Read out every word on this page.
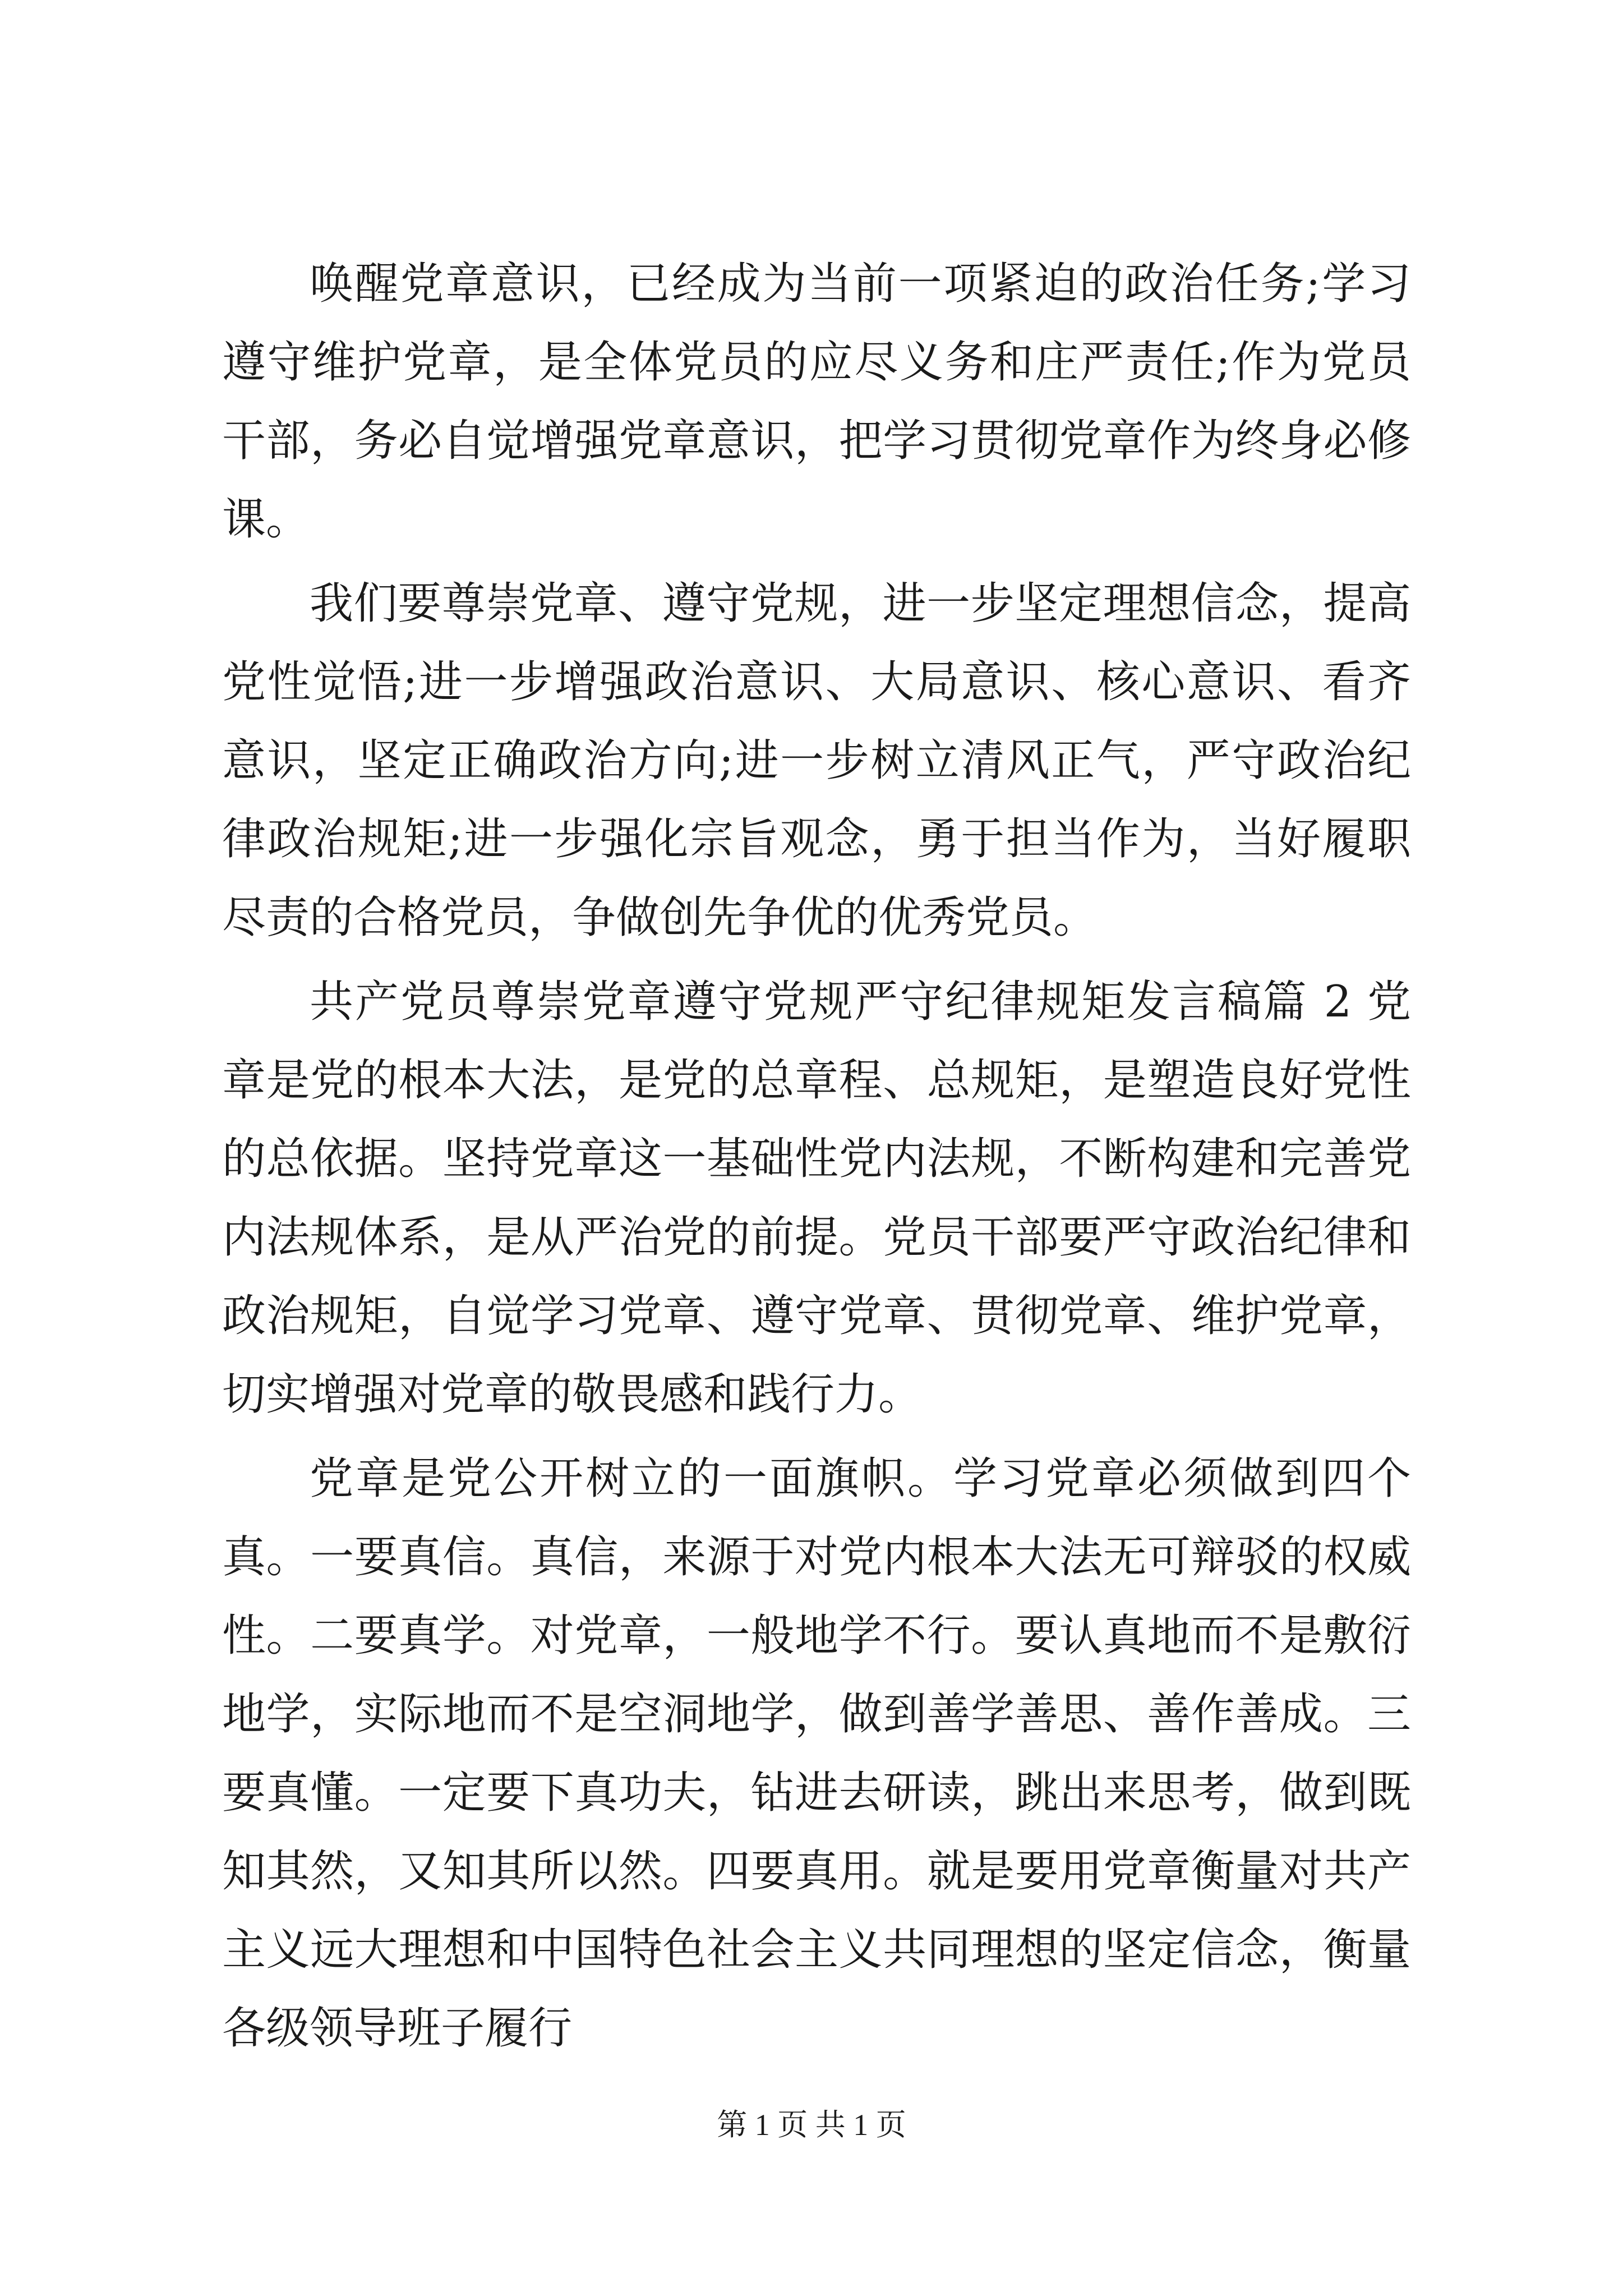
唤醒党章意识，已经成为当前一项紧迫的政治任务;学习遵守维护党章，是全体党员的应尽义务和庄严责任;作为党员干部，务必自觉增强党章意识，把学习贯彻党章作为终身必修课。

我们要尊崇党章、遵守党规，进一步坚定理想信念，提高党性觉悟;进一步增强政治意识、大局意识、核心意识、看齐意识，坚定正确政治方向;进一步树立清风正气，严守政治纪律政治规矩;进一步强化宗旨观念，勇于担当作为，当好履职尽责的合格党员，争做创先争优的优秀党员。

共产党员尊崇党章遵守党规严守纪律规矩发言稿篇 2 党章是党的根本大法，是党的总章程、总规矩，是塑造良好党性的总依据。坚持党章这一基础性党内法规，不断构建和完善党内法规体系，是从严治党的前提。党员干部要严守政治纪律和政治规矩，自觉学习党章、遵守党章、贯彻党章、维护党章，切实增强对党章的敬畏感和践行力。

党章是党公开树立的一面旗帜。学习党章必须做到四个真。一要真信。真信，来源于对党内根本大法无可辩驳的权威性。二要真学。对党章，一般地学不行。要认真地而不是敷衍地学，实际地而不是空洞地学，做到善学善思、善作善成。三要真懂。一定要下真功夫，钻进去研读，跳出来思考，做到既知其然，又知其所以然。四要真用。就是要用党章衡量对共产主义远大理想和中国特色社会主义共同理想的坚定信念，衡量各级领导班子履行

第 1 页 共 1 页
